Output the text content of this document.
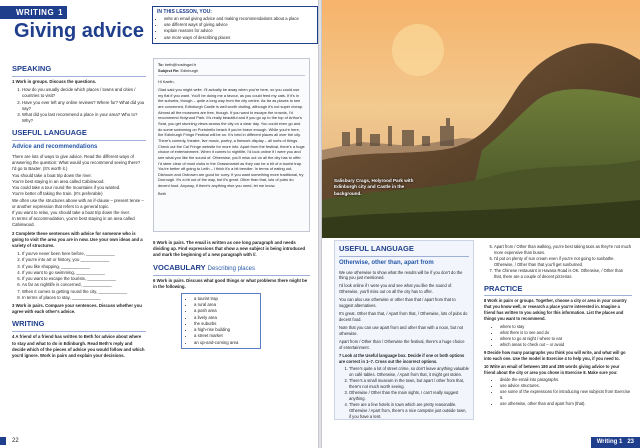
WRITING 1
Giving advice
IN THIS LESSON, YOU:
• write an email giving advice and making recommendations about a place
• use different ways of giving advice
• explain reasons for advice
• use more ways of describing places
SPEAKING
1 Work in groups. Discuss the questions.
1. How do you usually decide which places / towns and cities / countries to visit?
2. Have you ever left any online reviews? Where for? What did you say?
3. What did you last recommend a place in your area? Who to? Why?
USEFUL LANGUAGE
Advice and recommendations
There are lots of ways to give advice. Read the different ways of answering the question: What would you recommend seeing there?
I'd go to Baxter. (It's worth it.)
You should take a boat trip down the river.
You're best staying in an area called Cabinwood.
You could take a tour round the mountains if you wanted.
You're better off taking the train. (It's preferable)
We often use the structures above with an if-clause – present tense – or another expression that refers to a general topic.
If you want to relax, you should take a boat trip down the river.
In terms of accommodation, you're best staying in an area called Cabinwood.
2 Complete these sentences with advice for someone who is going to visit the area you are in now. Use your own ideas and a variety of structures.
1. If you've never been here before, ____________
2. If you're into art or history, you ____________
3. If you like shopping, ____________
4. If you want to go swimming, ____________
5. If you want to escape the tourists, ____________
6. As far as nightlife is concerned, ____________
7. When it comes to getting round the city, ____________
8. In terms of places to stay, ____________
3 Work in pairs. Compare your sentences. Discuss whether you agree with each other's advice.
WRITING
4 A friend of a friend has written to Beth for advice about where to stay and what to do in Edinburgh. Read Beth's reply and decide which of the pieces of advice you would follow and which you'd ignore. Work in pairs and explain your decisions.
To: beth@hostingwl.fr
Subject Re: Edinburgh

Hi Kaelin,

Glad said you might write. I'll actually be away when you're here, so you could use my flat if you want. You'll be doing me a favour, as you could feed my cats. If it's in the suburbs, though – quite a long way from the city centre. As far as places to see are concerned, Edinburgh Castle is well worth visiting, although it's not super cheap. Almost all the museums are free, though. If you want to escape the crowds, I'd recommend Holyrood Park. It's really beautiful and if you go up to the top of Arthur's Seat, you get stunning views across the city on a clear day. You could even go and do some swimming on Portobello beach if you're brave enough. While you're here, the Edinburgh Fringe Festival will be on. It's held in different places all over the city. There's comedy, theatre, live music, poetry, a firework display – all sorts of things. Check out the Cal Fringe website for more info. Apart from the festival, there's a huge choice of entertainment. When it comes to nightlife, I'd look online if I were you and see what you like the sound of. Otherwise, you'll miss out on all the city has to offer. I'd steer clear of most clubs in the Grassmarket as they can be a bit of a tourist trap. You're better off going to Leith – I think it's a bit trendier. In terms of eating out, Dishoom and Ostrowm are good for curry. If you want something more traditional, try Dorrough. It's a bit out of the way, but it's great. Other than that, lots of pubs do decent food. Anyway, if there's anything else you need, let me know.

Beth

5 Work in pairs. The email is written as one long paragraph and needs dividing up. Find expressions that show a new subject is being introduced and mark the beginning of a new paragraph with //.
VOCABULARY Describing places
6 Work in pairs. Discuss what good things or what problems there might be in the following.
• a tourist trap
• a rural area
• a posh area
• a lively area
• the suburbs
• a high-rise building
• a street market
• an up-and-coming area
22
Salisbury Crags, Holyrood Park with Edinburgh city and Castle in the background.
USEFUL LANGUAGE
Otherwise, other than, apart from

We use otherwise to show what the results will be if you don't do the thing you just mentioned.

I'd look online if I were you and see what you like the sound of. Otherwise, you'll miss out on all the city has to offer.

You can also use otherwise or other than that / apart from that to suggest alternatives.

It's great. Other than that, / Apart from that, / Otherwise, lots of pubs do decent food.

Note that you can use apart from and other than with a noun, but not otherwise.

Apart from / Other than / Otherwise the festival, there's a huge choice of entertainment.

7 Look at the Useful language box. Decide if one or both options are correct in 1–7. Cross out the incorrect options.
1. There's quite a lot of street crime, so don't leave anything valuable on café tables. Otherwise, / Apart from that, it might get stolen.
2. There's a small museum in the town, but apart / other from that, there's not much worth seeing.
3. Otherwise / Other than the main sights, I can't really suggest anything.
4. There are a few hotels in town which are pretty reasonable. Otherwise / Apart from, there's a nice campsite just outside town, if you have a tent.
5. Apart from / Other than walking, you're best taking taxis as they're not much more expensive than buses.
6. I'd put on plenty of sun cream even if you're not going to sunbathe. Otherwise, / Other than that you'll get sunburned.
7. The Chinese restaurant in Havana Road is OK. Otherwise, / Other than that, there are a couple of decent pizzerias.
PRACTICE
8 Work in pairs or groups. Together, choose a city or area in your country that you know well, or research a place you're interested in. Imagine a friend has written to you asking for this information. List the places and things you want to recommend.
• where to stay
• what there is to see and do
• where to go at night / where to eat
• which areas to check out – or avoid
9 Decide how many paragraphs you think you will write, and what will go into each one. Use the model in Exercise 4 to help you, if you need to.
10 Write an email of between 180 and 250 words giving advice to your friend about the city or area you chose in Exercise 8. Make sure you:
• divide the email into paragraphs.
• use advice structures.
• use some of the expressions for introducing new subjects from Exercise 5.
• use otherwise, other than and apart from (that).
Writing 1 23
